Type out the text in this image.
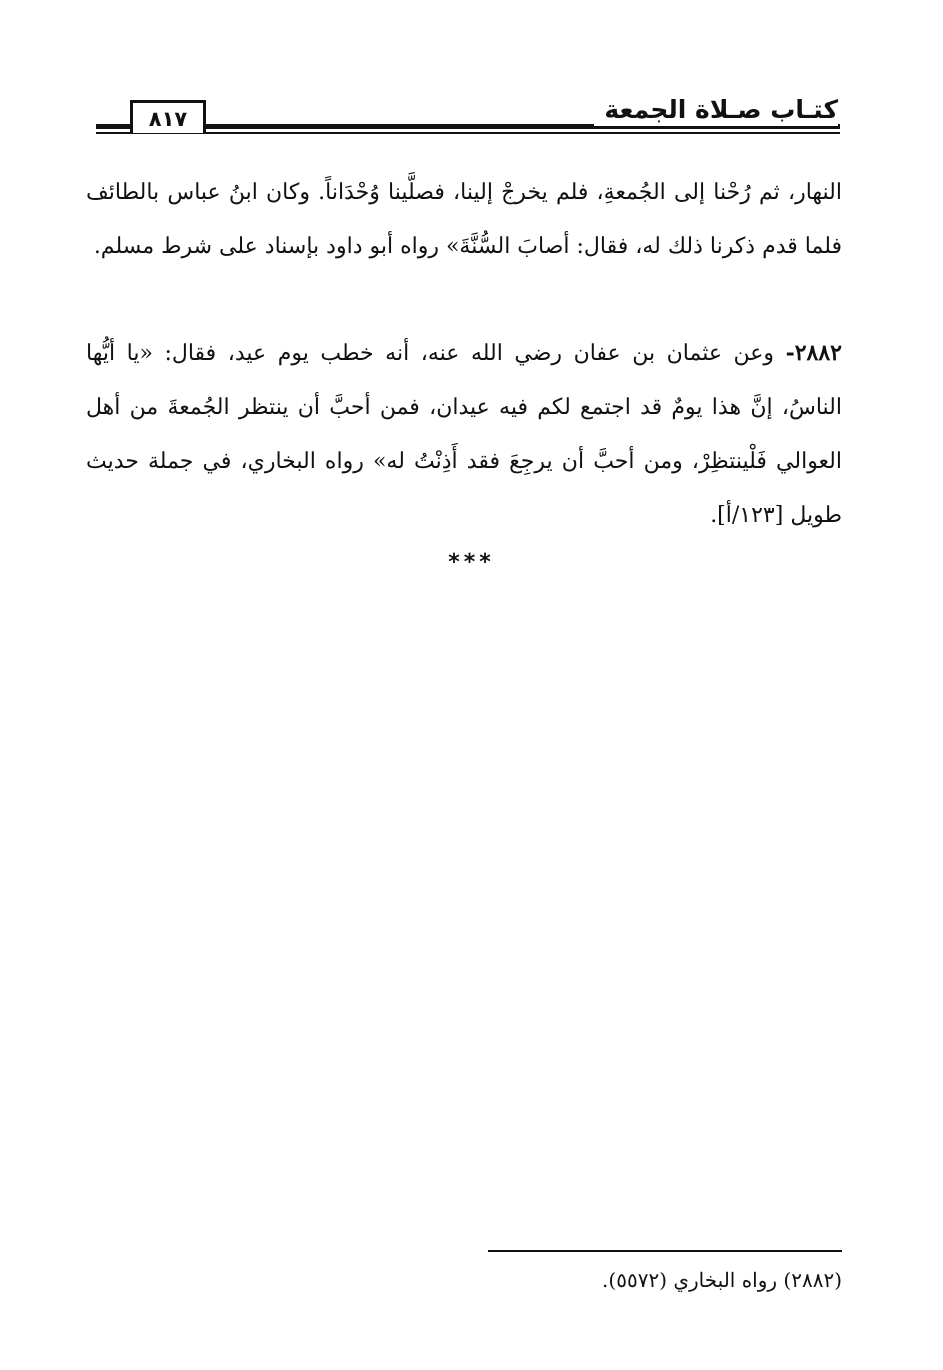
كتـاب صـلاة الجمعة
٨١٧
النهار، ثم رُحْنا إلى الجُمعةِ، فلم يخرجْ إلينا، فصلَّينا وُحْدَاناً. وكان ابنُ عباس بالطائف فلما قدم ذكرنا ذلك له، فقال: أصابَ السُّنَّةَ» رواه أبو داود بإسناد على شرط مسلم.
٢٨٨٢- وعن عثمان بن عفان رضي الله عنه، أنه خطب يوم عيد، فقال: «يا أيُّها الناسُ، إنَّ هذا يومٌ قد اجتمع لكم فيه عيدان، فمن أحبَّ أن ينتظر الجُمعةَ من أهل العوالي فَلْينتظِرْ، ومن أحبَّ أن يرجِعَ فقد أَذِنْتُ له» رواه البخاري، في جملة حديث طويل [١٢٣/أ].
***
(٢٨٨٢) رواه البخاري (٥٥٧٢).
